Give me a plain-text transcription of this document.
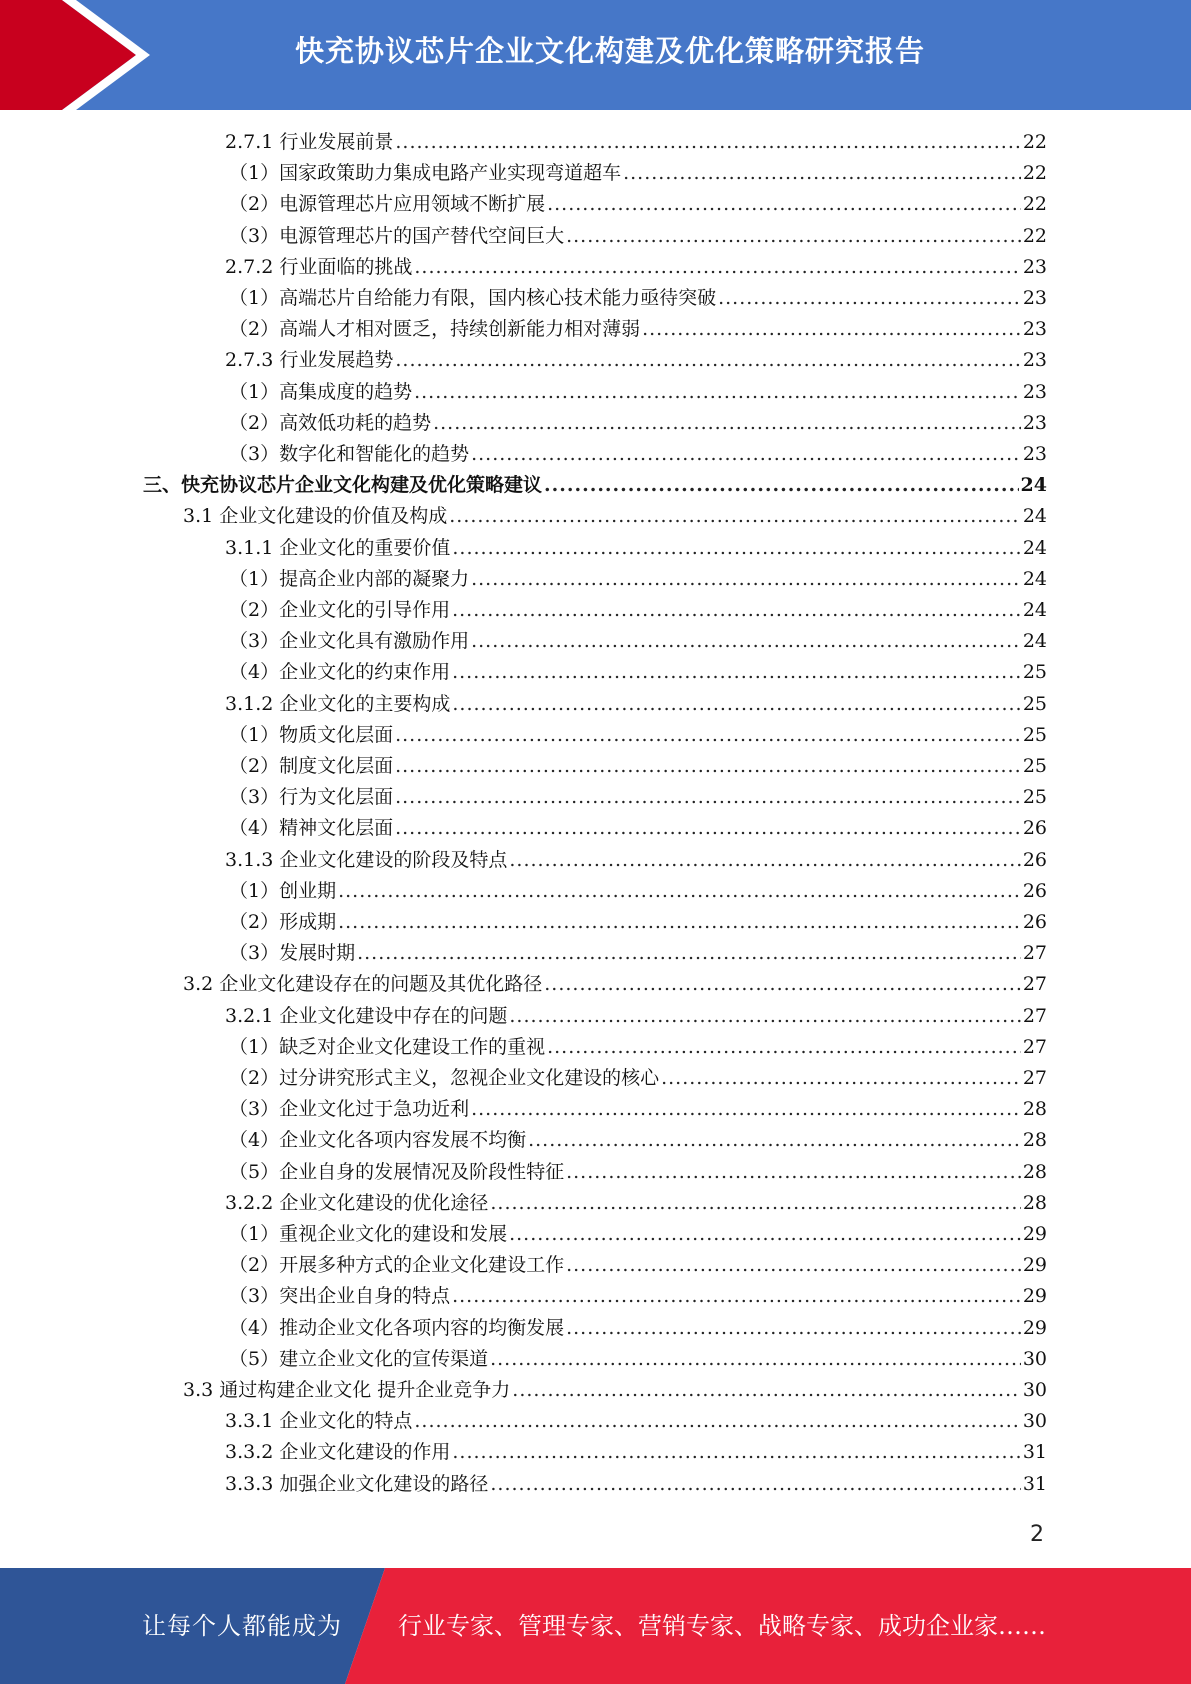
快充协议芯片企业文化构建及优化策略研究报告
2.7.1 行业发展前景 .....	22
（1）国家政策助力集成电路产业实现弯道超车 .....	22
（2）电源管理芯片应用领域不断扩展 .....	22
（3）电源管理芯片的国产替代空间巨大 .....	22
2.7.2 行业面临的挑战 .....	23
（1）高端芯片自给能力有限，国内核心技术能力亟待突破 .....	23
（2）高端人才相对匮乏，持续创新能力相对薄弱 .....	23
2.7.3 行业发展趋势 .....	23
（1）高集成度的趋势 .....	23
（2）高效低功耗的趋势 .....	23
（3）数字化和智能化的趋势 .....	23
三、快充协议芯片企业文化构建及优化策略建议 .....	24
3.1 企业文化建设的价值及构成 .....	24
3.1.1 企业文化的重要价值 .....	24
（1）提高企业内部的凝聚力 .....	24
（2）企业文化的引导作用 .....	24
（3）企业文化具有激励作用 .....	24
（4）企业文化的约束作用 .....	25
3.1.2 企业文化的主要构成 .....	25
（1）物质文化层面 .....	25
（2）制度文化层面 .....	25
（3）行为文化层面 .....	25
（4）精神文化层面 .....	26
3.1.3 企业文化建设的阶段及特点 .....	26
（1）创业期 .....	26
（2）形成期 .....	26
（3）发展时期 .....	27
3.2 企业文化建设存在的问题及其优化路径 .....	27
3.2.1 企业文化建设中存在的问题 .....	27
（1）缺乏对企业文化建设工作的重视 .....	27
（2）过分讲究形式主义，忽视企业文化建设的核心 .....	27
（3）企业文化过于急功近利 .....	28
（4）企业文化各项内容发展不均衡 .....	28
（5）企业自身的发展情况及阶段性特征 .....	28
3.2.2 企业文化建设的优化途径 .....	28
（1）重视企业文化的建设和发展 .....	29
（2）开展多种方式的企业文化建设工作 .....	29
（3）突出企业自身的特点 .....	29
（4）推动企业文化各项内容的均衡发展 .....	29
（5）建立企业文化的宣传渠道 .....	30
3.3 通过构建企业文化 提升企业竞争力 .....	30
3.3.1 企业文化的特点 .....	30
3.3.2 企业文化建设的作用 .....	31
3.3.3 加强企业文化建设的路径 .....	31
2
让每个人都能成为 行业专家、管理专家、营销专家、战略专家、成功企业家……
